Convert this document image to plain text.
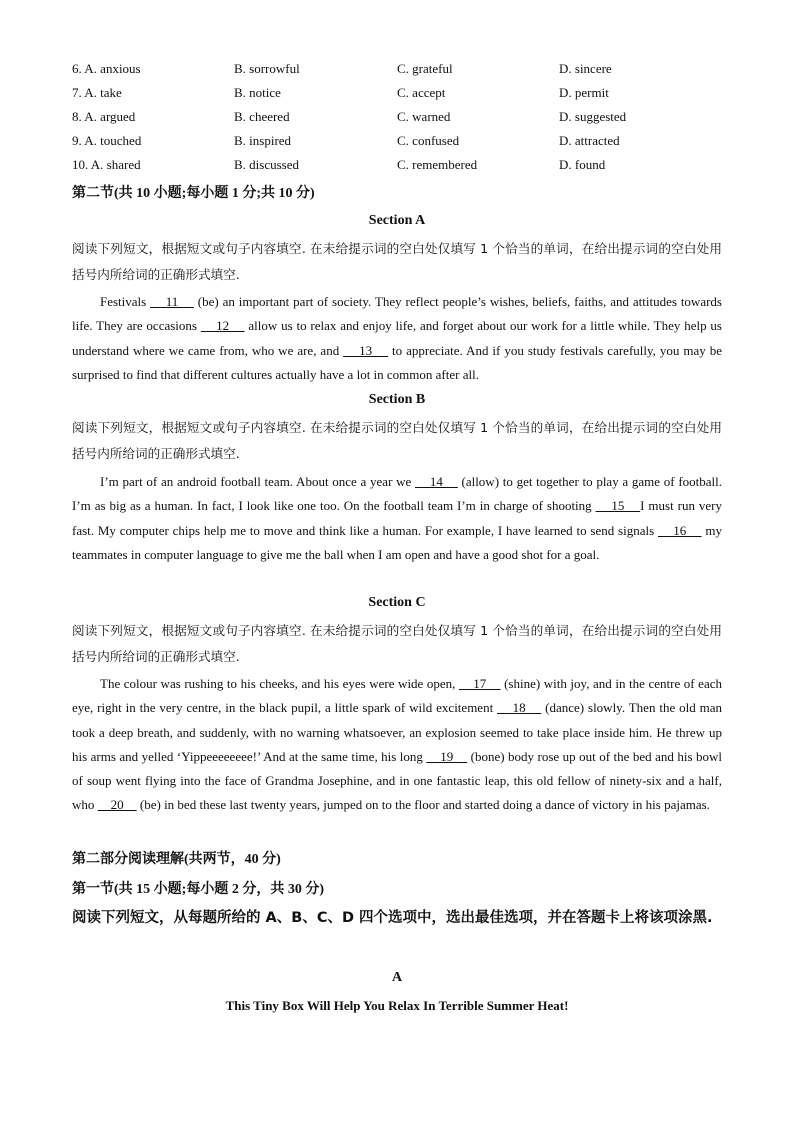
6. A. anxious	B. sorrowful	C. grateful	D. sincere
7. A. take	B. notice	C. accept	D. permit
8. A. argued	B. cheered	C. warned	D. suggested
9. A. touched	B. inspired	C. confused	D. attracted
10. A. shared	B. discussed	C. remembered	D. found
第二节(共 10 小题;每小题 1 分;共 10 分)
Section A
阅读下列短文，根据短文或句子内容填空. 在未给提示词的空白处仅填写 1 个恰当的单词，在给出提示词的空白处用括号内所给词的正确形式填空.
Festivals     11     (be) an important part of society. They reflect people’s wishes, beliefs, faiths, and attitudes towards life. They are occasions     12     allow us to relax and enjoy life, and forget about our work for a little while. They help us understand where we came from, who we are, and     13     to appreciate. And if you study festivals carefully, you may be surprised to find that different cultures actually have a lot in common after all.
Section B
阅读下列短文，根据短文或句子内容填空. 在未给提示词的空白处仅填写 1 个恰当的单词，在给出提示词的空白处用括号内所给词的正确形式填空.
I’m part of an android football team. About once a year we     14     (allow) to get together to play a game of football. I’m as big as a human. In fact, I look like one too. On the football team I’m in charge of shooting     15    I must run very fast. My computer chips help me to move and think like a human. For example, I have learned to send signals     16     my teammates in computer language to give me the ball when I am open and have a good shot for a goal.
Section C
阅读下列短文，根据短文或句子内容填空. 在未给提示词的空白处仅填写 1 个恰当的单词，在给出提示词的空白处用括号内所给词的正确形式填空.
The colour was rushing to his cheeks, and his eyes were wide open,     17     (shine) with joy, and in the centre of each eye, right in the very centre, in the black pupil, a little spark of wild excitement     18     (dance) slowly. Then the old man took a deep breath, and suddenly, with no warning whatsoever, an explosion seemed to take place inside him. He threw up his arms and yelled ‘Yippeeeeeeee!’ And at the same time, his long     19     (bone) body rose up out of the bed and his bowl of soup went flying into the face of Grandma Josephine, and in one fantastic leap, this old fellow of ninety-six and a half, who     20     (be) in bed these last twenty years, jumped on to the floor and started doing a dance of victory in his pajamas.
第二部分阅读理解(共两节，40 分)
第一节(共 15 小题;每小题 2 分，共 30 分)
阅读下列短文，从每题所给的 A、B、C、D 四个选项中，选出最佳选项，并在答题卡上将该项涂黑.
A
This Tiny Box Will Help You Relax In Terrible Summer Heat!
